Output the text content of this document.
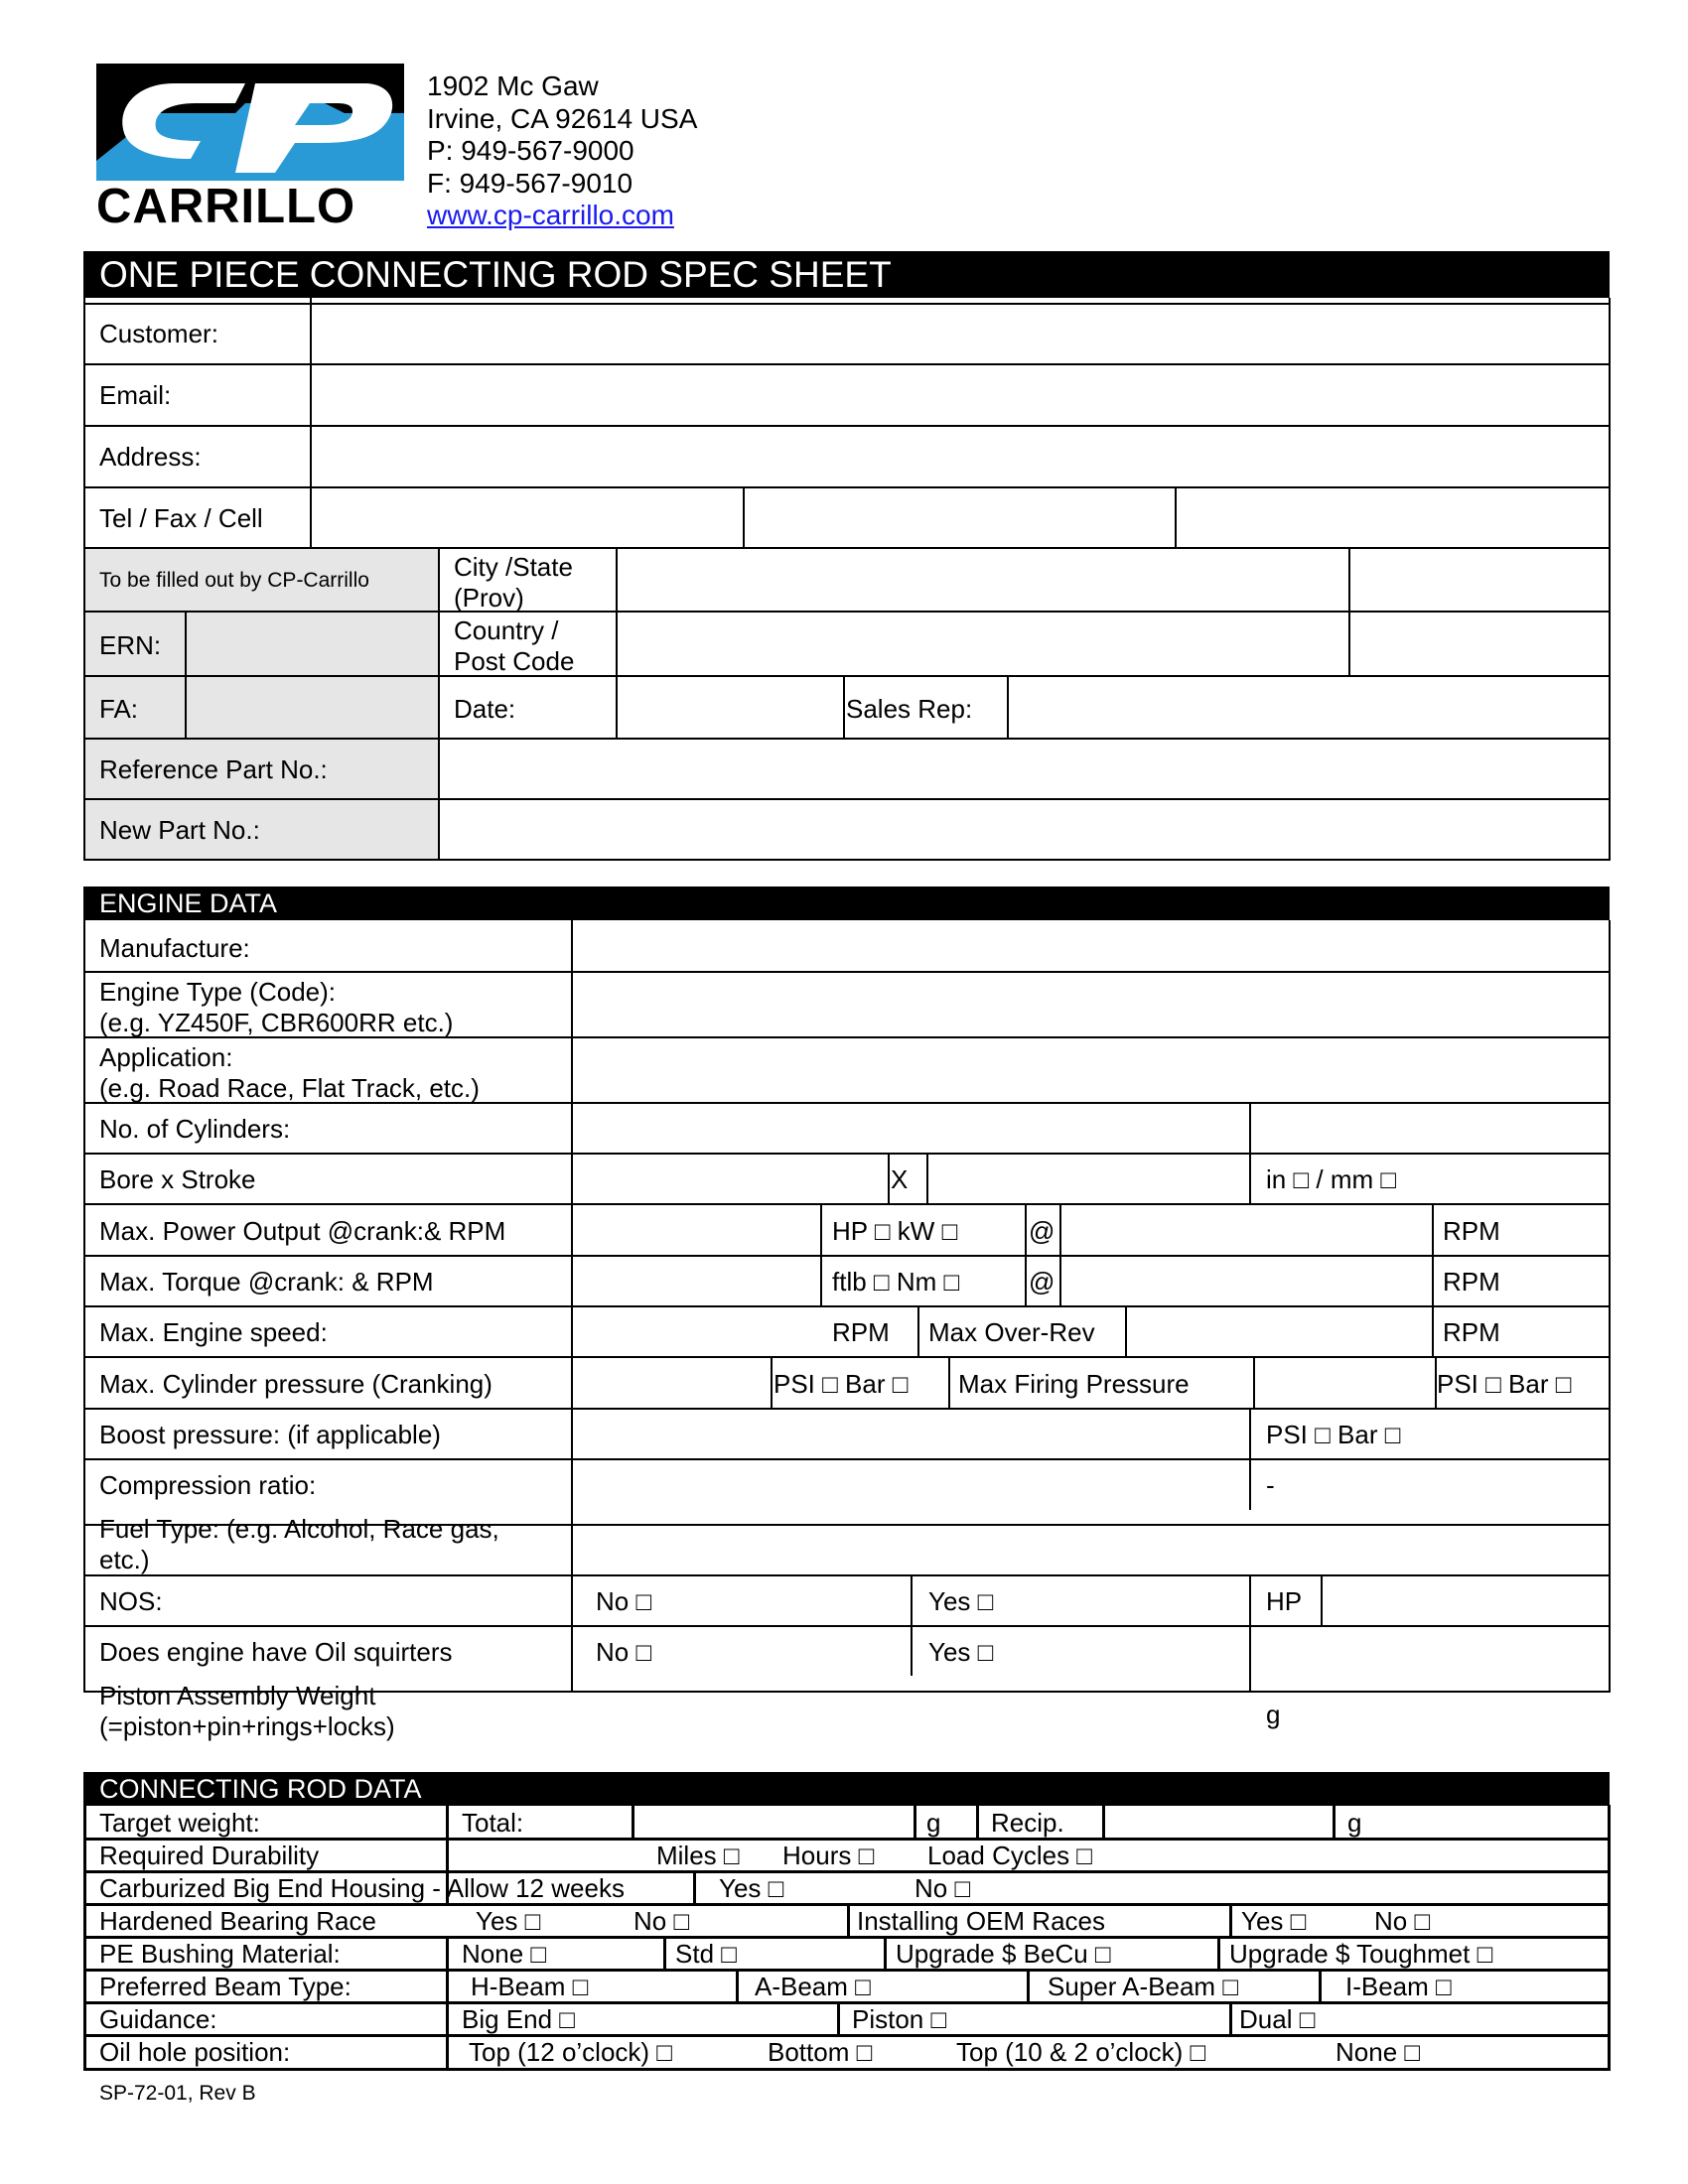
CARRILLO
1902 Mc Gaw
Irvine, CA 92614 USA
P: 949-567-9000
F: 949-567-9010
www.cp-carrillo.com
ONE PIECE CONNECTING ROD SPEC SHEET
Customer:
Email:
Address:
Tel / Fax / Cell
To be filled out by CP-Carrillo	City /State
(Prov)
ERN:	Country /
Post Code
FA:	Date:	Sales Rep:
Reference Part No.:
New Part No.:
ENGINE DATA
Manufacture:
Engine Type (Code):
(e.g. YZ450F, CBR600RR etc.)
Application:
(e.g. Road Race, Flat Track, etc.)
No. of Cylinders:
Bore x Stroke	X	in □ / mm □
Max. Power Output @crank:& RPM	HP □ kW □	@	RPM
Max. Torque @crank: & RPM	ftlb □ Nm □	@	RPM
Max. Engine speed:	RPM Max Over-Rev	RPM
Max. Cylinder pressure (Cranking)	PSI □ Bar □ Max Firing Pressure	PSI □ Bar □
Boost pressure: (if applicable)	PSI □ Bar □
Compression ratio:	-
Fuel Type: (e.g. Alcohol, Race gas,
etc.)
NOS:	No □	Yes □	HP
Does engine have Oil squirters	No □	Yes □
Piston Assembly Weight
(=piston+pin+rings+locks)	g
CONNECTING ROD DATA
Target weight:	Total:	g Recip.	g
Required Durability	Miles □ Hours □ Load Cycles □
Carburized Big End Housing - Allow 12 weeks	Yes □	No □
Hardened Bearing Race	Yes □	No □	Installing OEM Races	Yes □	No □
PE Bushing Material:	None □	Std □	Upgrade $ BeCu □	Upgrade $ Toughmet □
Preferred Beam Type:	H-Beam □	A-Beam □	Super A-Beam □	I-Beam □
Guidance:	Big End □	Piston □	Dual □
Oil hole position:	Top (12 o’clock) □	Bottom □	Top (10 & 2 o’clock) □	None □
SP-72-01, Rev B
